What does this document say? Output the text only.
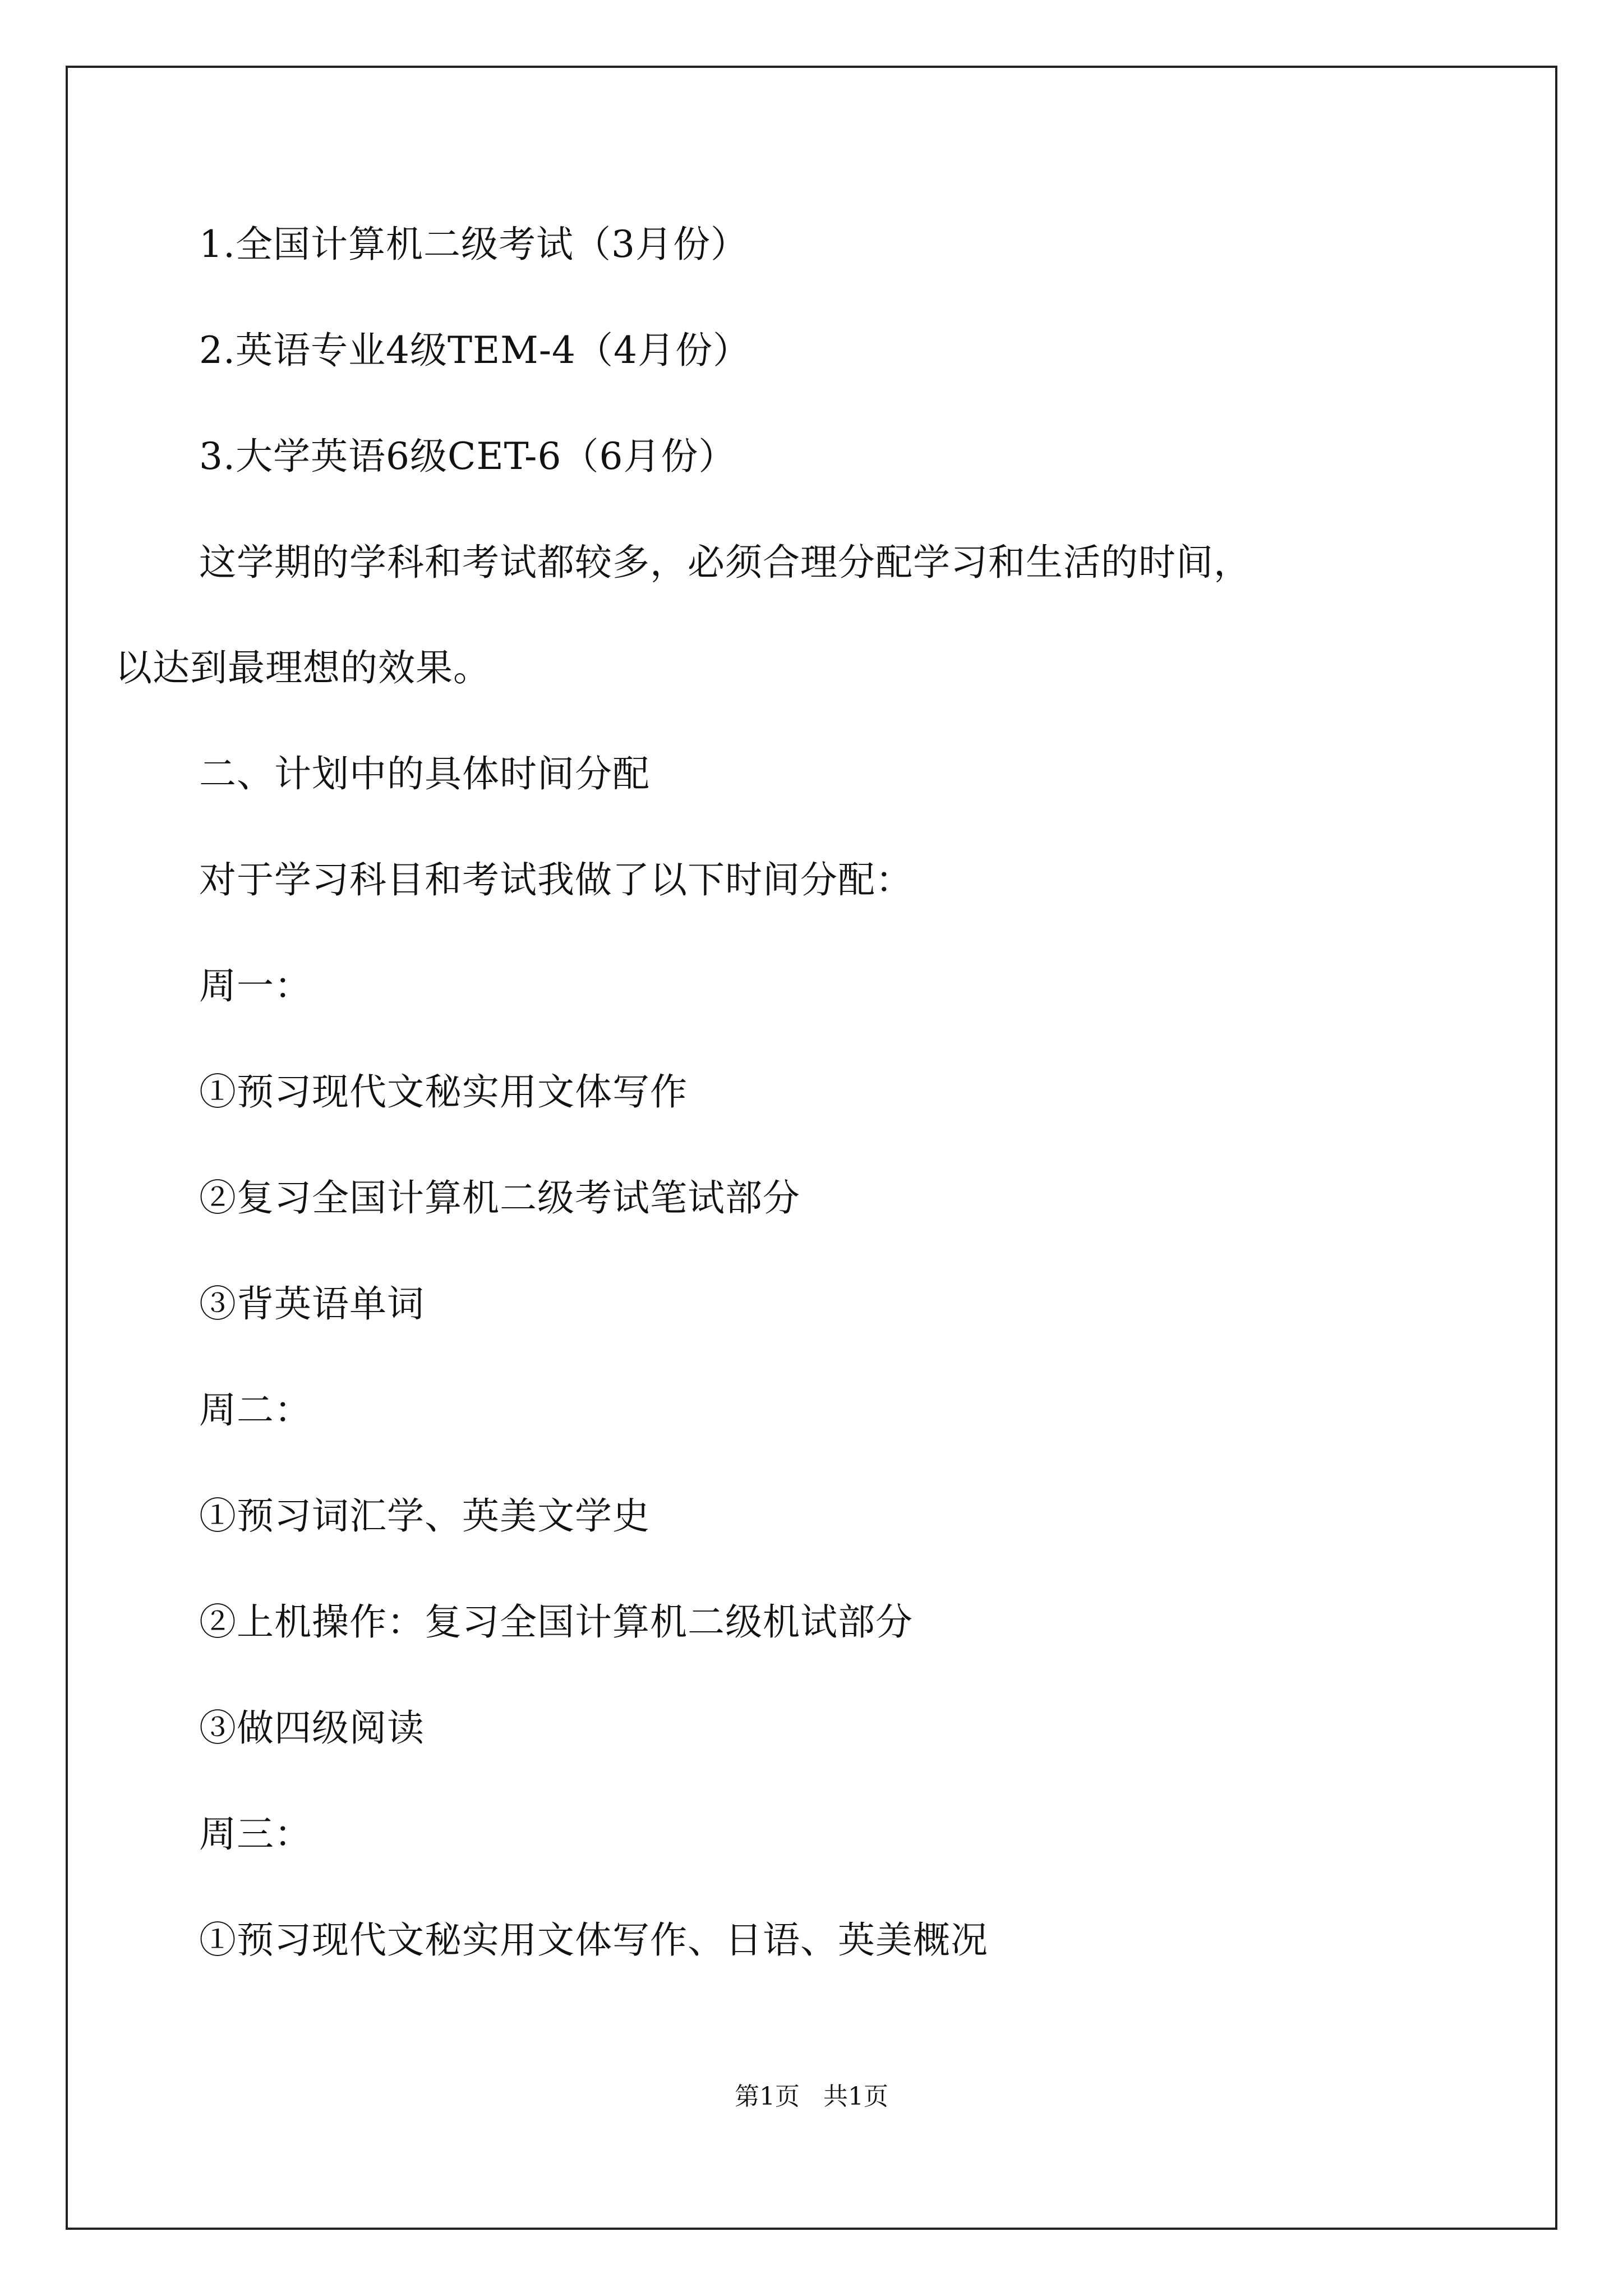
1.全国计算机二级考试（3月份）

2.英语专业4级TEM-4（4月份）

3.大学英语6级CET-6（6月份）

这学期的学科和考试都较多，必须合理分配学习和生活的时间，

以达到最理想的效果。

二、计划中的具体时间分配

对于学习科目和考试我做了以下时间分配：

周一：

①预习现代文秘实用文体写作

②复习全国计算机二级考试笔试部分

③背英语单词

周二：

①预习词汇学、英美文学史

②上机操作：复习全国计算机二级机试部分

③做四级阅读

周三：

①预习现代文秘实用文体写作、日语、英美概况

第1页   共1页
